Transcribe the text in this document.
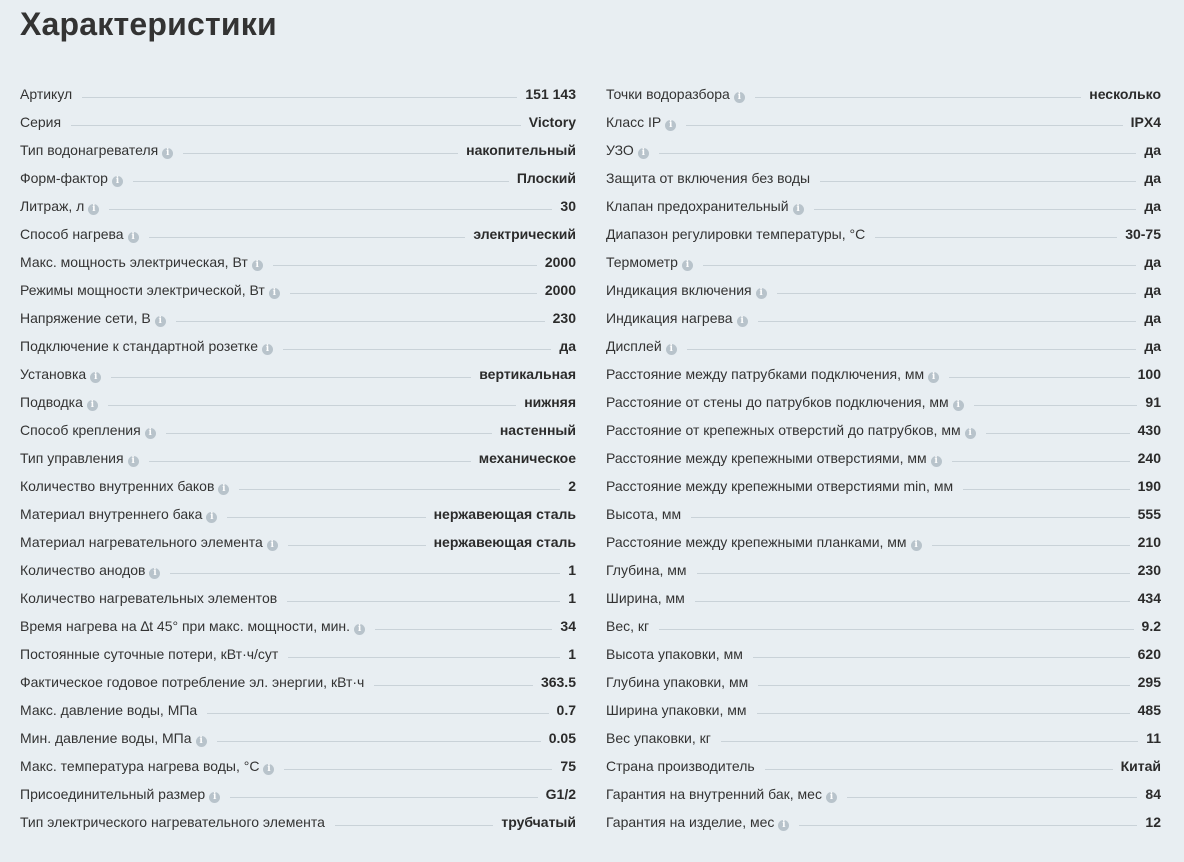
Характеристики
Артикул	151 143
Серия	Victory
Тип водонагревателя i	накопительный
Форм-фактор i	Плоский
Литраж, л i	30
Способ нагрева i	электрический
Макс. мощность электрическая, Вт i	2000
Режимы мощности электрической, Вт i	2000
Напряжение сети, В i	230
Подключение к стандартной розетке i	да
Установка i	вертикальная
Подводка i	нижняя
Способ крепления i	настенный
Тип управления i	механическое
Количество внутренних баков i	2
Материал внутреннего бака i	нержавеющая сталь
Материал нагревательного элемента i	нержавеющая сталь
Количество анодов i	1
Количество нагревательных элементов	1
Время нагрева на ∆t 45° при макс. мощности, мин. i	34
Постоянные суточные потери, кВт·ч/сут	1
Фактическое годовое потребление эл. энергии, кВт·ч	363.5
Макс. давление воды, МПа	0.7
Мин. давление воды, МПа i	0.05
Макс. температура нагрева воды, °C i	75
Присоединительный размер i	G1/2
Тип электрического нагревательного элемента	трубчатый
Точки водоразбора i	несколько
Класс IP i	IPX4
УЗО i	да
Защита от включения без воды	да
Клапан предохранительный i	да
Диапазон регулировки температуры, °C	30-75
Термометр i	да
Индикация включения i	да
Индикация нагрева i	да
Дисплей i	да
Расстояние между патрубками подключения, мм i	100
Расстояние от стены до патрубков подключения, мм i	91
Расстояние от крепежных отверстий до патрубков, мм i	430
Расстояние между крепежными отверстиями, мм i	240
Расстояние между крепежными отверстиями min, мм	190
Высота, мм	555
Расстояние между крепежными планками, мм i	210
Глубина, мм	230
Ширина, мм	434
Вес, кг	9.2
Высота упаковки, мм	620
Глубина упаковки, мм	295
Ширина упаковки, мм	485
Вес упаковки, кг	11
Страна производитель	Китай
Гарантия на внутренний бак, мес i	84
Гарантия на изделие, мес i	12
